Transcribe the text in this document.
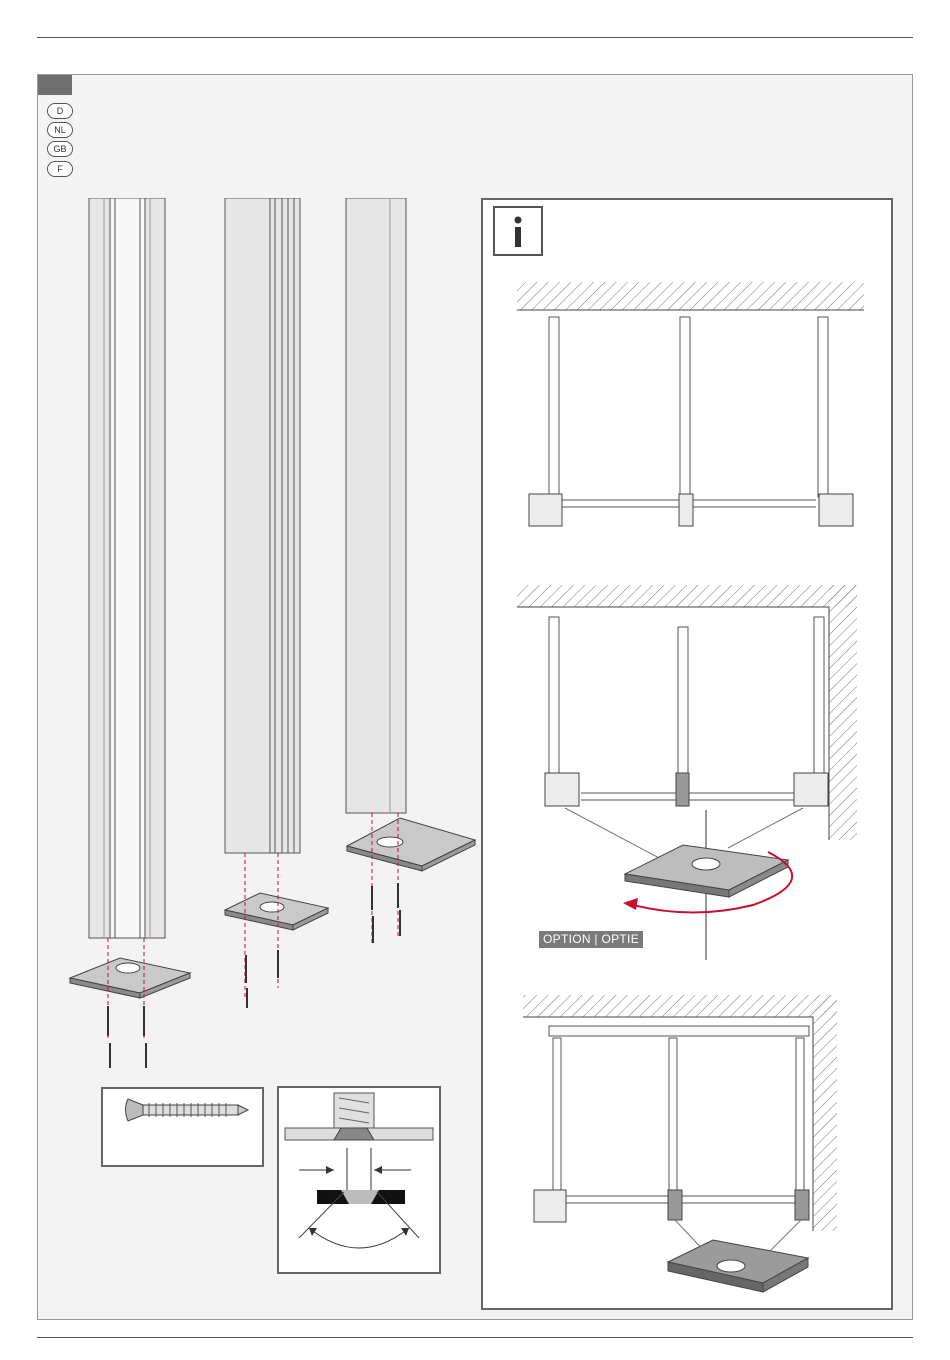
D
NL
GB
F
OPTION | OPTIE
